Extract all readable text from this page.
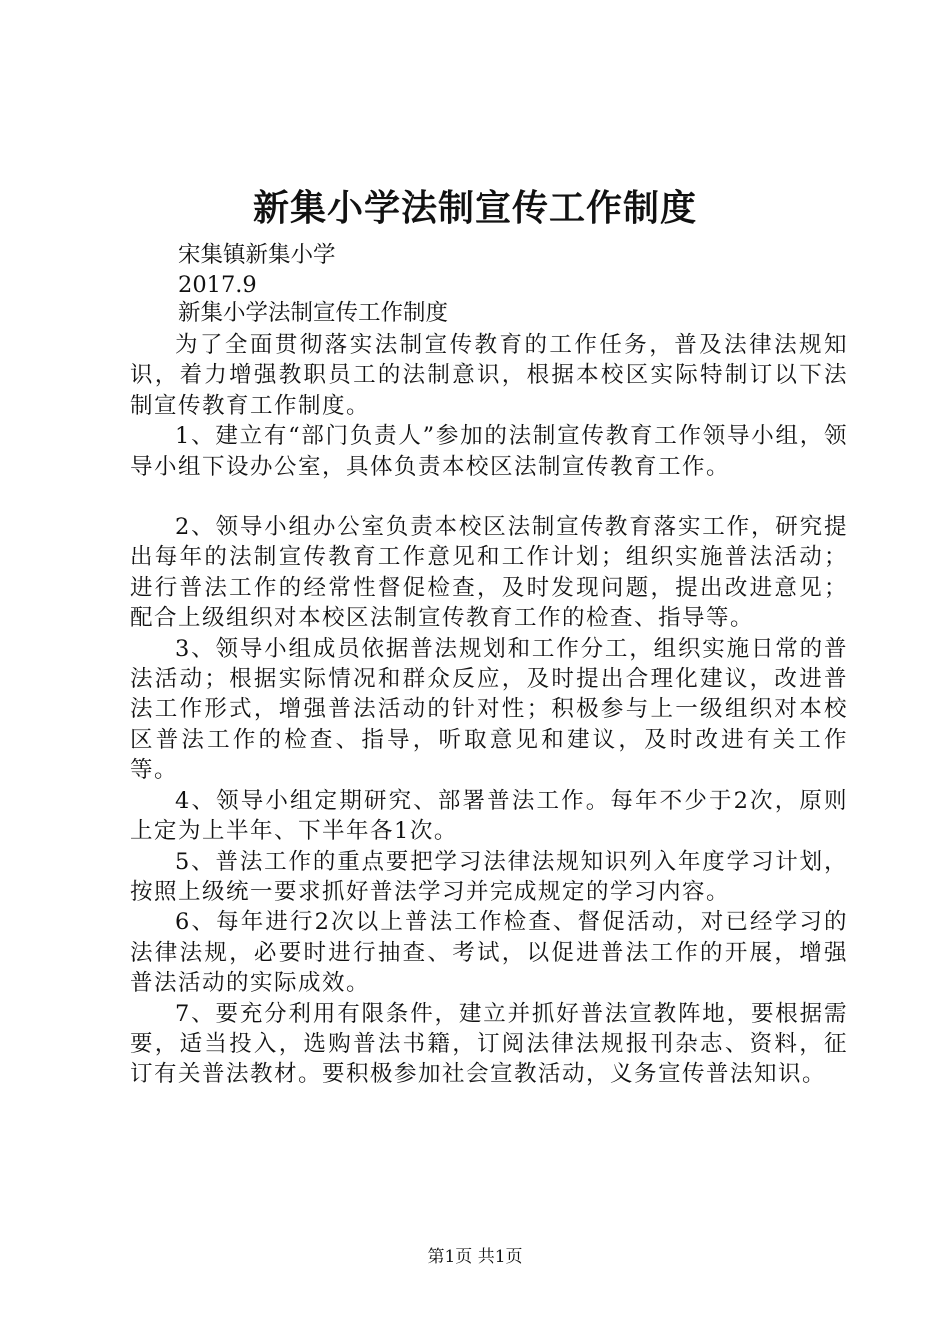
新集小学法制宣传工作制度
宋集镇新集小学
2017.9
新集小学法制宣传工作制度

为了全面贯彻落实法制宣传教育的工作任务，普及法律法规知识，着力增强教职员工的法制意识，根据本校区实际特制订以下法制宣传教育工作制度。

1、建立有“部门负责人”参加的法制宣传教育工作领导小组，领导小组下设办公室，具体负责本校区法制宣传教育工作。

2、领导小组办公室负责本校区法制宣传教育落实工作，研究提出每年的法制宣传教育工作意见和工作计划；组织实施普法活动；进行普法工作的经常性督促检查，及时发现问题，提出改进意见；配合上级组织对本校区法制宣传教育工作的检查、指导等。

3、领导小组成员依据普法规划和工作分工，组织实施日常的普法活动；根据实际情况和群众反应，及时提出合理化建议，改进普法工作形式，增强普法活动的针对性；积极参与上一级组织对本校区普法工作的检查、指导，听取意见和建议，及时改进有关工作等。

4、领导小组定期研究、部署普法工作。每年不少于2次，原则上定为上半年、下半年各1次。

5、普法工作的重点要把学习法律法规知识列入年度学习计划，按照上级统一要求抓好普法学习并完成规定的学习内容。

6、每年进行2次以上普法工作检查、督促活动，对已经学习的法律法规，必要时进行抽查、考试，以促进普法工作的开展，增强普法活动的实际成效。

7、要充分利用有限条件，建立并抓好普法宣教阵地，要根据需要，适当投入，选购普法书籍，订阅法律法规报刊杂志、资料，征订有关普法教材。要积极参加社会宣教活动，义务宣传普法知识。

第1页 共1页
